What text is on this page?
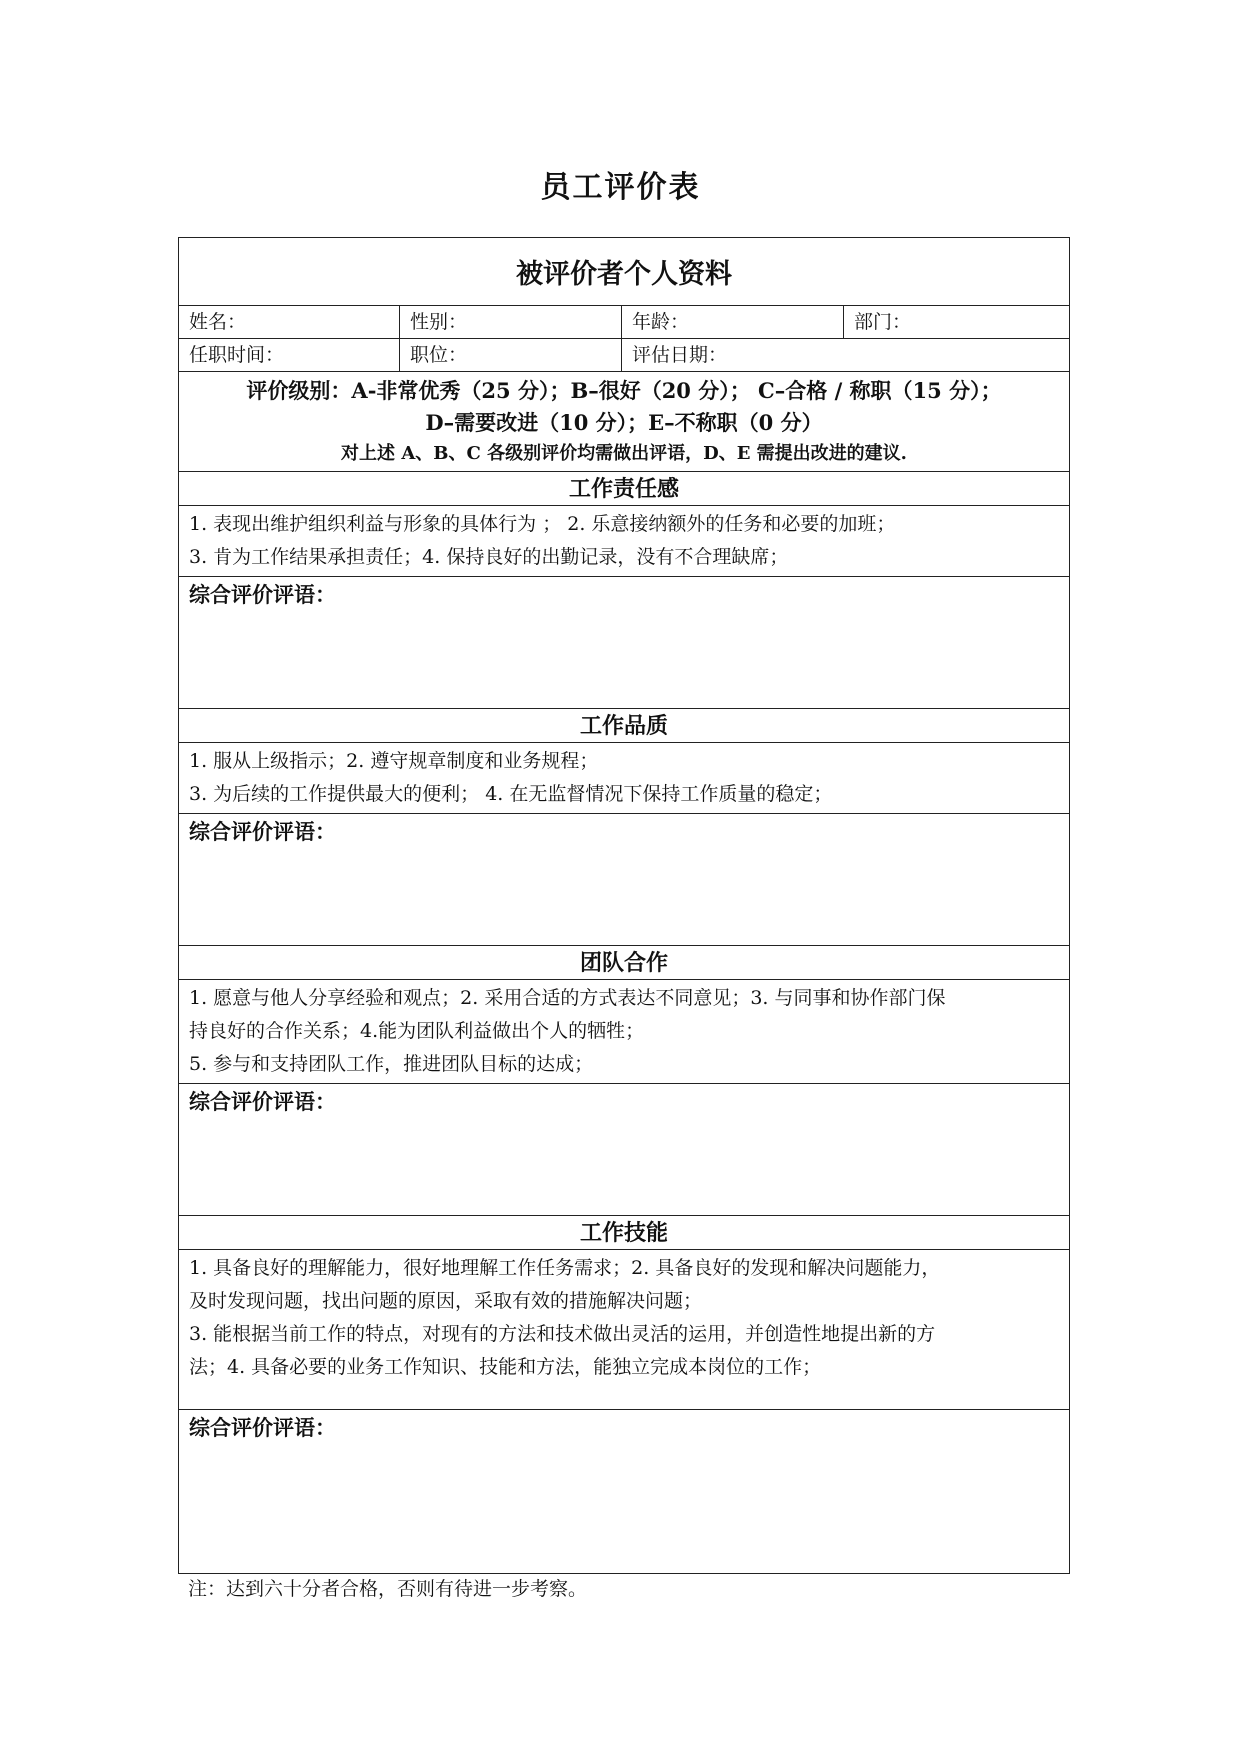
员工评价表
被评价者个人资料
姓名：	性别：	年龄：	部门：
任职时间：	职位：	评估日期：
评价级别：A-非常优秀（25 分）；B–很好（20 分）； C–合格 / 称职（15 分）；
D–需要改进（10 分）；E–不称职（0 分）
对上述 A、B、C 各级别评价均需做出评语，D、E 需提出改进的建议.
工作责任感
1. 表现出维护组织利益与形象的具体行为 ； 2. 乐意接纳额外的任务和必要的加班；
3. 肯为工作结果承担责任；4. 保持良好的出勤记录，没有不合理缺席；
综合评价评语：
工作品质
1. 服从上级指示；2. 遵守规章制度和业务规程；
3. 为后续的工作提供最大的便利； 4. 在无监督情况下保持工作质量的稳定；
综合评价评语：
团队合作
1. 愿意与他人分享经验和观点；2. 采用合适的方式表达不同意见；3. 与同事和协作部门保
持良好的合作关系；4.能为团队利益做出个人的牺牲；
5. 参与和支持团队工作，推进团队目标的达成；
综合评价评语：
工作技能
1. 具备良好的理解能力，很好地理解工作任务需求；2. 具备良好的发现和解决问题能力，
及时发现问题，找出问题的原因，采取有效的措施解决问题；
3. 能根据当前工作的特点，对现有的方法和技术做出灵活的运用，并创造性地提出新的方
法；4. 具备必要的业务工作知识、技能和方法，能独立完成本岗位的工作；
综合评价评语：
注：达到六十分者合格，否则有待进一步考察。
